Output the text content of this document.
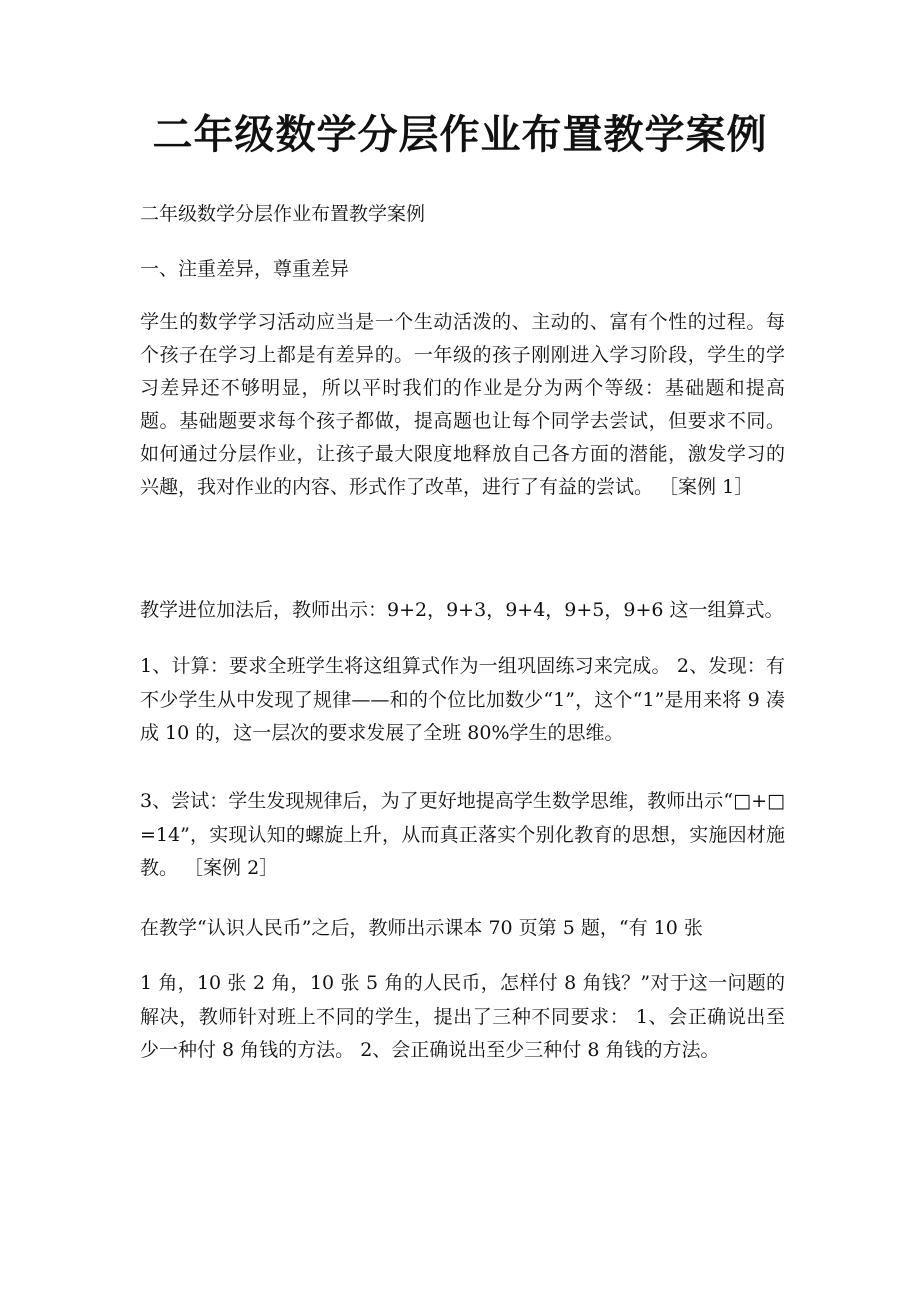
二年级数学分层作业布置教学案例

二年级数学分层作业布置教学案例

一、注重差异，尊重差异

学生的数学学习活动应当是一个生动活泼的、主动的、富有个性的过程。每个孩子在学习上都是有差异的。一年级的孩子刚刚进入学习阶段，学生的学习差异还不够明显，所以平时我们的作业是分为两个等级：基础题和提高题。基础题要求每个孩子都做，提高题也让每个同学去尝试，但要求不同。如何通过分层作业，让孩子最大限度地释放自己各方面的潜能，激发学习的兴趣，我对作业的内容、形式作了改革，进行了有益的尝试。 ［案例 1］

教学进位加法后，教师出示：9+2，9+3，9+4，9+5，9+6 这一组算式。

1、计算：要求全班学生将这组算式作为一组巩固练习来完成。 2、发现：有不少学生从中发现了规律——和的个位比加数少“1”，这个“1”是用来将 9 凑成 10 的，这一层次的要求发展了全班 80%学生的思维。

3、尝试：学生发现规律后，为了更好地提高学生数学思维，教师出示“□+□=14”，实现认知的螺旋上升，从而真正落实个别化教育的思想，实施因材施教。 ［案例 2］

在教学“认识人民币”之后，教师出示课本 70 页第 5 题，“有 10 张

1 角，10 张 2 角，10 张 5 角的人民币，怎样付 8 角钱？”对于这一问题的解决，教师针对班上不同的学生，提出了三种不同要求： 1、会正确说出至少一种付 8 角钱的方法。 2、会正确说出至少三种付 8 角钱的方法。
